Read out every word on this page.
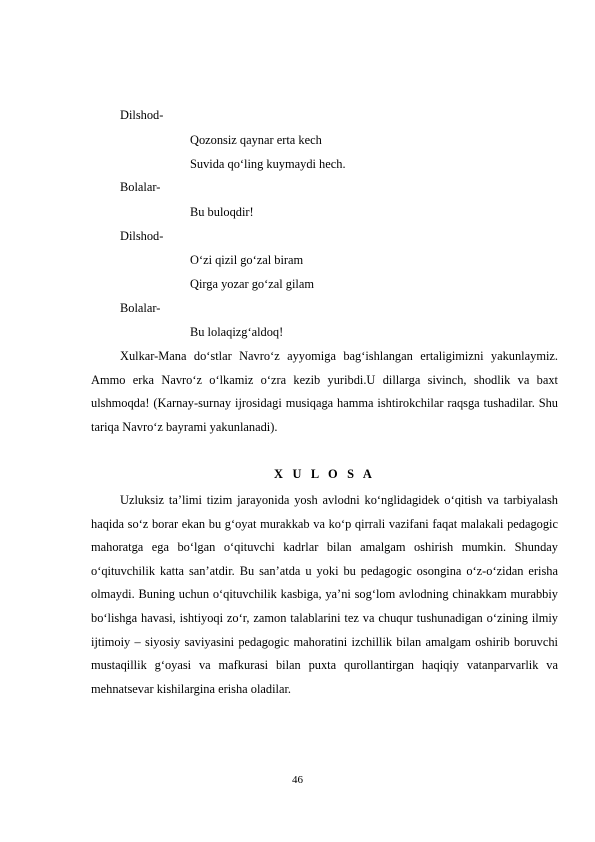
Dilshod-
Qozonsiz qaynar erta kech
Suvida qo‘ling kuymaydi hech.
Bolalar-
Bu buloqdir!
Dilshod-
O‘zi qizil go‘zal biram
Qirga yozar go‘zal gilam
Bolalar-
Bu lolaqizg‘aldoq!

Xulkar-Mana do‘stlar Navro‘z ayyomiga bag‘ishlangan ertaligimizni yakunlaymiz. Ammo erka Navro‘z o‘lkamiz o‘zra kezib yuribdi.U dillarga sivinch, shodlik va baxt ulshmoqda! (Karnay-surnay ijrosidagi musiqaga hamma ishtirokchilar raqsga tushadilar. Shu tariqa Navro‘z bayrami yakunlanadi).

X U L O S A

Uzluksiz ta’limi tizim jarayonida yosh avlodni ko‘nglidagidek o‘qitish va tarbiyalash haqida so‘z borar ekan bu g‘oyat murakkab va ko‘p qirrali vazifani faqat malakali pedagogic mahoratga ega bo‘lgan o‘qituvchi kadrlar bilan amalgam oshirish mumkin. Shunday o‘qituvchilik katta san’atdir. Bu san’atda u yoki bu pedagogic osongina o‘z-o‘zidan erisha olmaydi. Buning uchun o‘qituvchilik kasbiga, ya’ni sog‘lom avlodning chinakkam murabbiy bo‘lishga havasi, ishtiyoqi zo‘r, zamon talablarini tez va chuqur tushunadigan o‘zining ilmiy ijtimoiy – siyosiy saviyasini pedagogic mahoratini izchillik bilan amalgam oshirib boruvchi mustaqillik g‘oyasi va mafkurasi bilan puxta qurollantirgan haqiqiy vatanparvarlik va mehnatsevar kishilargina erisha oladilar.

46
